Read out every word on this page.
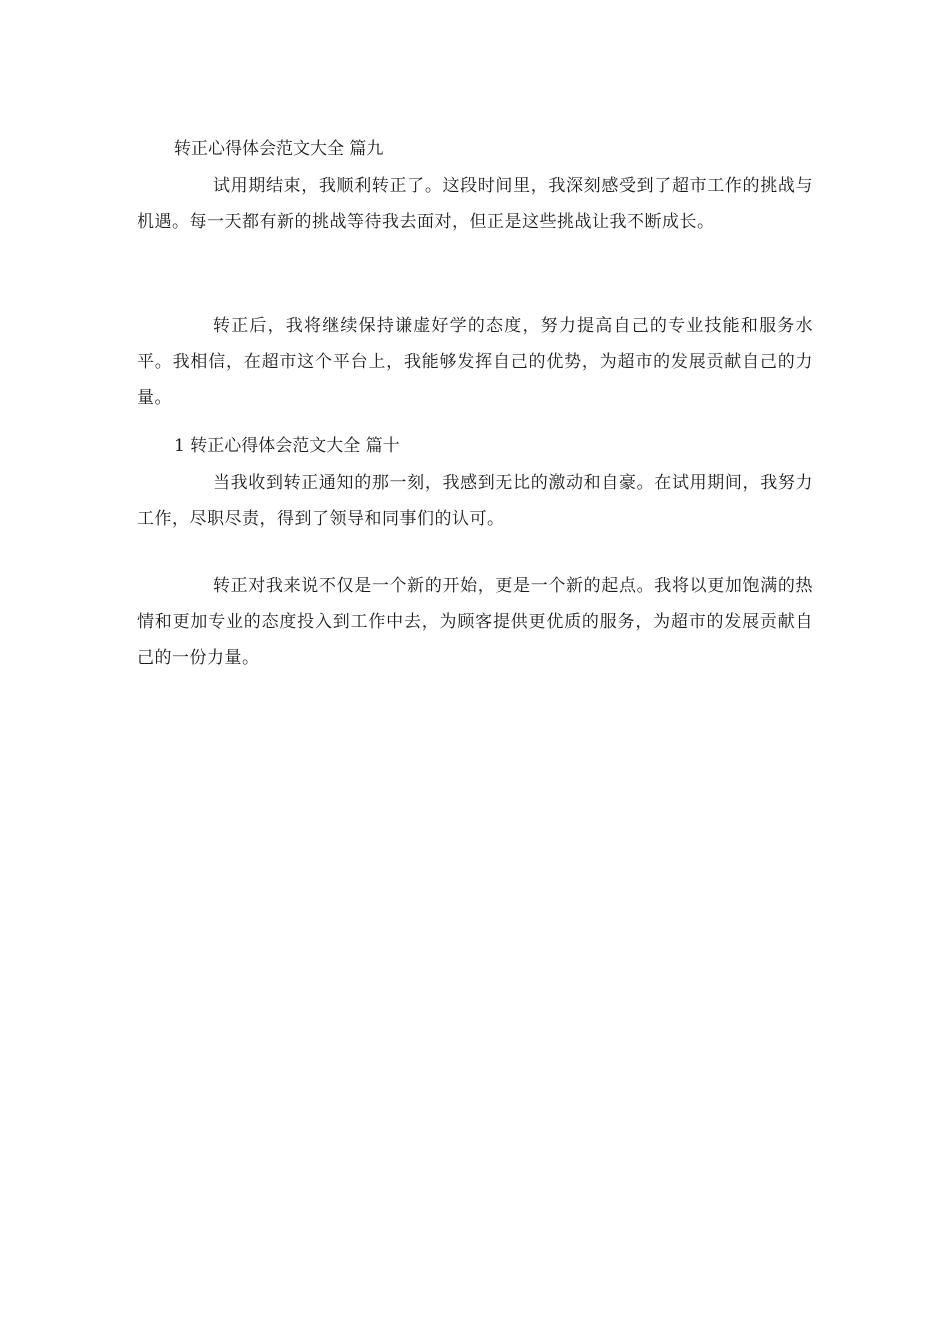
转正心得体会范文大全 篇九

试用期结束，我顺利转正了。这段时间里，我深刻感受到了超市工作的挑战与机遇。每一天都有新的挑战等待我去面对，但正是这些挑战让我不断成长。

转正后，我将继续保持谦虚好学的态度，努力提高自己的专业技能和服务水平。我相信，在超市这个平台上，我能够发挥自己的优势，为超市的发展贡献自己的力量。

1 转正心得体会范文大全 篇十

当我收到转正通知的那一刻，我感到无比的激动和自豪。在试用期间，我努力工作，尽职尽责，得到了领导和同事们的认可。

转正对我来说不仅是一个新的开始，更是一个新的起点。我将以更加饱满的热情和更加专业的态度投入到工作中去，为顾客提供更优质的服务，为超市的发展贡献自己的一份力量。
